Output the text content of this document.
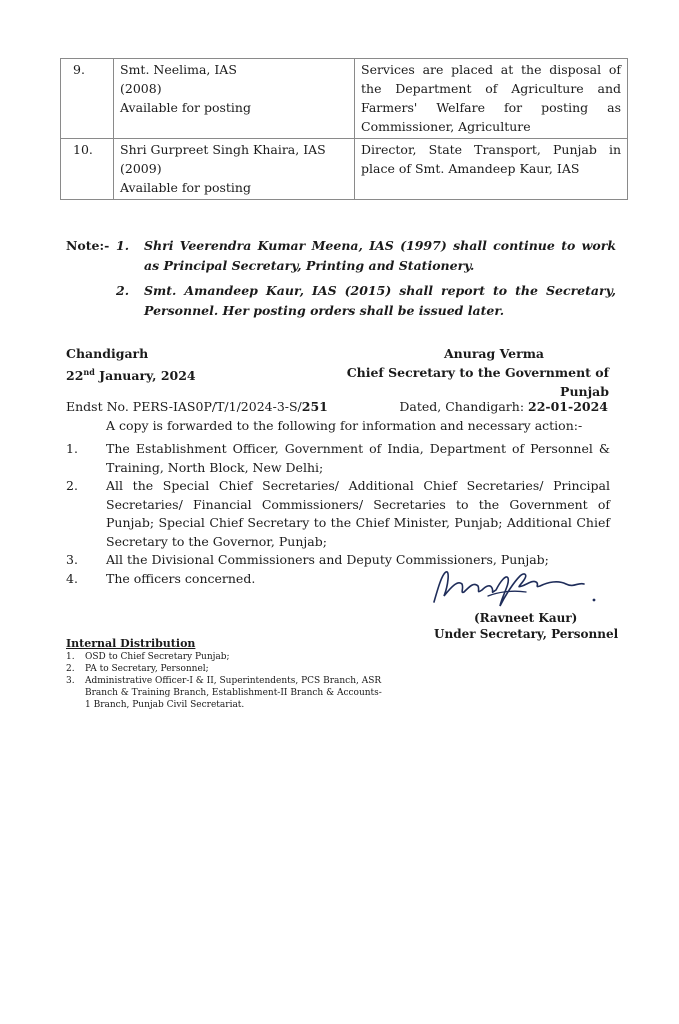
9.	Smt. Neelima, IAS
(2008)
Available for posting	Services are placed at the disposal of the Department of Agriculture and Farmers' Welfare for posting as Commissioner, Agriculture
10.	Shri Gurpreet Singh Khaira, IAS
(2009)
Available for posting	Director, State Transport, Punjab in place of Smt. Amandeep Kaur, IAS
Note:- 1.	Shri Veerendra Kumar Meena, IAS (1997) shall continue to work as Principal Secretary, Printing and Stationery.
2.	Smt. Amandeep Kaur, IAS (2015) shall report to the Secretary, Personnel. Her posting orders shall be issued later.
Chandigarh
22nd January, 2024
Anurag Verma
Chief Secretary to the Government of Punjab
Endst No. PERS-IAS0P/T/1/2024-3-S/251	Dated, Chandigarh: 22-01-2024
A copy is forwarded to the following for information and necessary action:-
1.	The Establishment Officer, Government of India, Department of Personnel & Training, North Block, New Delhi;
2.	All the Special Chief Secretaries/ Additional Chief Secretaries/ Principal Secretaries/ Financial Commissioners/ Secretaries to the Government of Punjab; Special Chief Secretary to the Chief Minister, Punjab; Additional Chief Secretary to the Governor, Punjab;
3.	All the Divisional Commissioners and Deputy Commissioners, Punjab;
4.	The officers concerned.
(Ravneet Kaur)
Under Secretary, Personnel
Internal Distribution
1.	OSD to Chief Secretary Punjab;
2.	PA to Secretary, Personnel;
3.	Administrative Officer-I & II, Superintendents, PCS Branch, ASR Branch & Training Branch, Establishment-II Branch & Accounts-1 Branch, Punjab Civil Secretariat.
